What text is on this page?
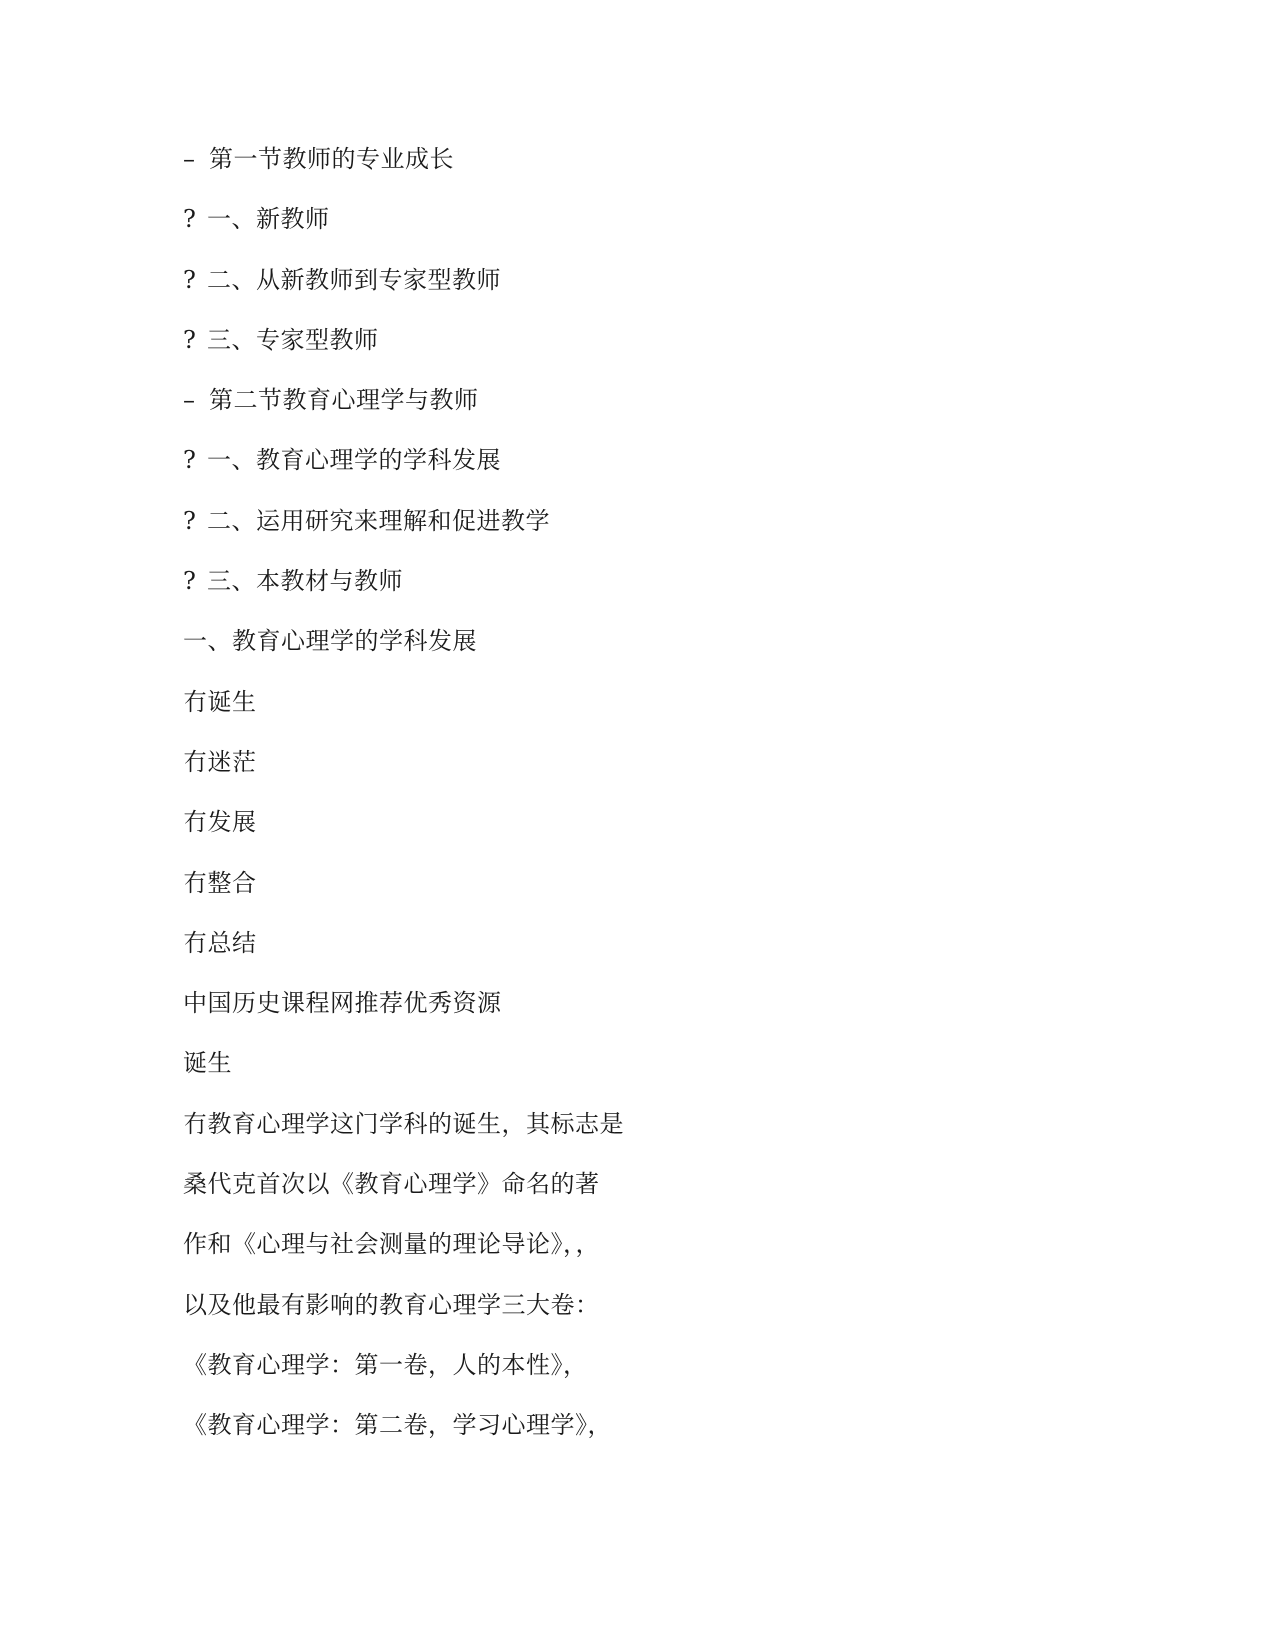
– 第一节教师的专业成长
? 一、新教师
? 二、从新教师到专家型教师
? 三、专家型教师
– 第二节教育心理学与教师
? 一、教育心理学的学科发展
? 二、运用研究来理解和促进教学
? 三、本教材与教师
一、教育心理学的学科发展
‍冇诞生
冇迷茫
冇发展
冇整合
冇总结
中国历史课程网推荐优秀资源
诞生
冇教育心理学这门学科的诞生，其标志是
桑代克首次以《教育心理学》命名的著
作和《心理与社会测量的理论导论》，，
以及他最有影响的教育心理学三大卷：
《教育心理学：第一卷，人的本性》，
《教育心理学：第二卷，学习心理学》，
